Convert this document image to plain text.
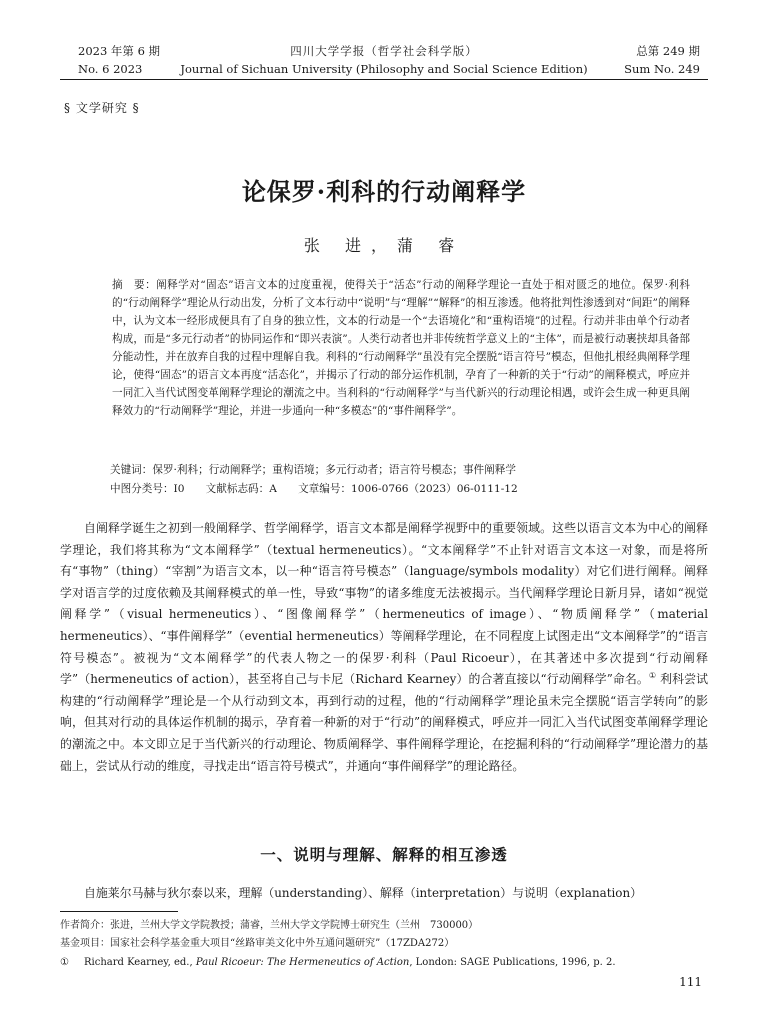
2023 年第 6 期
No. 6 2023
四川大学学报（哲学社会科学版）
Journal of Sichuan University (Philosophy and Social Science Edition)
总第 249 期
Sum No. 249
§ 文学研究 §
论保罗·利科的行动阐释学
张 进，蒲 睿
摘　要：阐释学对“固态”语言文本的过度重视，使得关于“活态”行动的阐释学理论一直处于相对匮乏的地位。保罗·利科的“行动阐释学”理论从行动出发，分析了文本行动中“说明”与“理解”“解释”的相互渗透。他将批判性渗透到对“间距”的阐释中，认为文本一经形成便具有了自身的独立性，文本的行动是一个“去语境化”和“重构语境”的过程。行动并非由单个行动者构成，而是“多元行动者”的协同运作和“即兴表演”。人类行动者也并非传统哲学意义上的“主体”，而是被行动裹挟却具备部分能动性，并在放弃自我的过程中理解自我。利科的“行动阐释学”虽没有完全摆脱“语言符号”模态，但他扎根经典阐释学理论，使得“固态”的语言文本再度“活态化”，并揭示了行动的部分运作机制，孕育了一种新的关于“行动”的阐释模式，呼应并一同汇入当代试图变革阐释学理论的潮流之中。当利科的“行动阐释学”与当代新兴的行动理论相遇，或许会生成一种更具阐释效力的“行动阐释学”理论，并进一步通向一种“多模态”的“事件阐释学”。
关键词：保罗·利科；行动阐释学；重构语境；多元行动者；语言符号模态；事件阐释学
中图分类号：I0　　文献标志码：A　　文章编号：1006-0766（2023）06-0111-12
自阐释学诞生之初到一般阐释学、哲学阐释学，语言文本都是阐释学视野中的重要领域。这些以语言文本为中心的阐释学理论，我们将其称为“文本阐释学”（textual hermeneutics）。“文本阐释学”不止针对语言文本这一对象，而是将所有“事物”（thing）“宰割”为语言文本，以一种“语言符号模态”（language/symbols modality）对它们进行阐释。阐释学对语言学的过度依赖及其阐释模式的单一性，导致“事物”的诸多维度无法被揭示。当代阐释学理论日新月异，诸如“视觉阐释学”（visual hermeneutics）、“图像阐释学”（hermeneutics of image）、“物质阐释学”（material hermeneutics）、“事件阐释学”（evential hermeneutics）等阐释学理论，在不同程度上试图走出“文本阐释学”的“语言符号模态”。被视为“文本阐释学”的代表人物之一的保罗·利科（Paul Ricoeur），在其著述中多次提到“行动阐释学”（hermeneutics of action），甚至将自己与卡尼（Richard Kearney）的合著直接以“行动阐释学”命名。① 利科尝试构建的“行动阐释学”理论是一个从行动到文本，再到行动的过程，他的“行动阐释学”理论虽未完全摆脱“语言学转向”的影响，但其对行动的具体运作机制的揭示，孕育着一种新的对于“行动”的阐释模式，呼应并一同汇入当代试图变革阐释学理论的潮流之中。本文即立足于当代新兴的行动理论、物质阐释学、事件阐释学理论，在挖掘利科的“行动阐释学”理论潜力的基础上，尝试从行动的维度，寻找走出“语言符号模式”，并通向“事件阐释学”的理论路径。
一、说明与理解、解释的相互渗透
自施莱尔马赫与狄尔泰以来，理解（understanding）、解释（interpretation）与说明（explanation）
作者简介：张进，兰州大学文学院教授；蒲睿，兰州大学文学院博士研究生（兰州　730000）
基金项目：国家社会科学基金重大项目“丝路审美文化中外互通问题研究”（17ZDA272）
① Richard Kearney, ed., Paul Ricoeur: The Hermeneutics of Action, London: SAGE Publications, 1996, p. 2.
111
